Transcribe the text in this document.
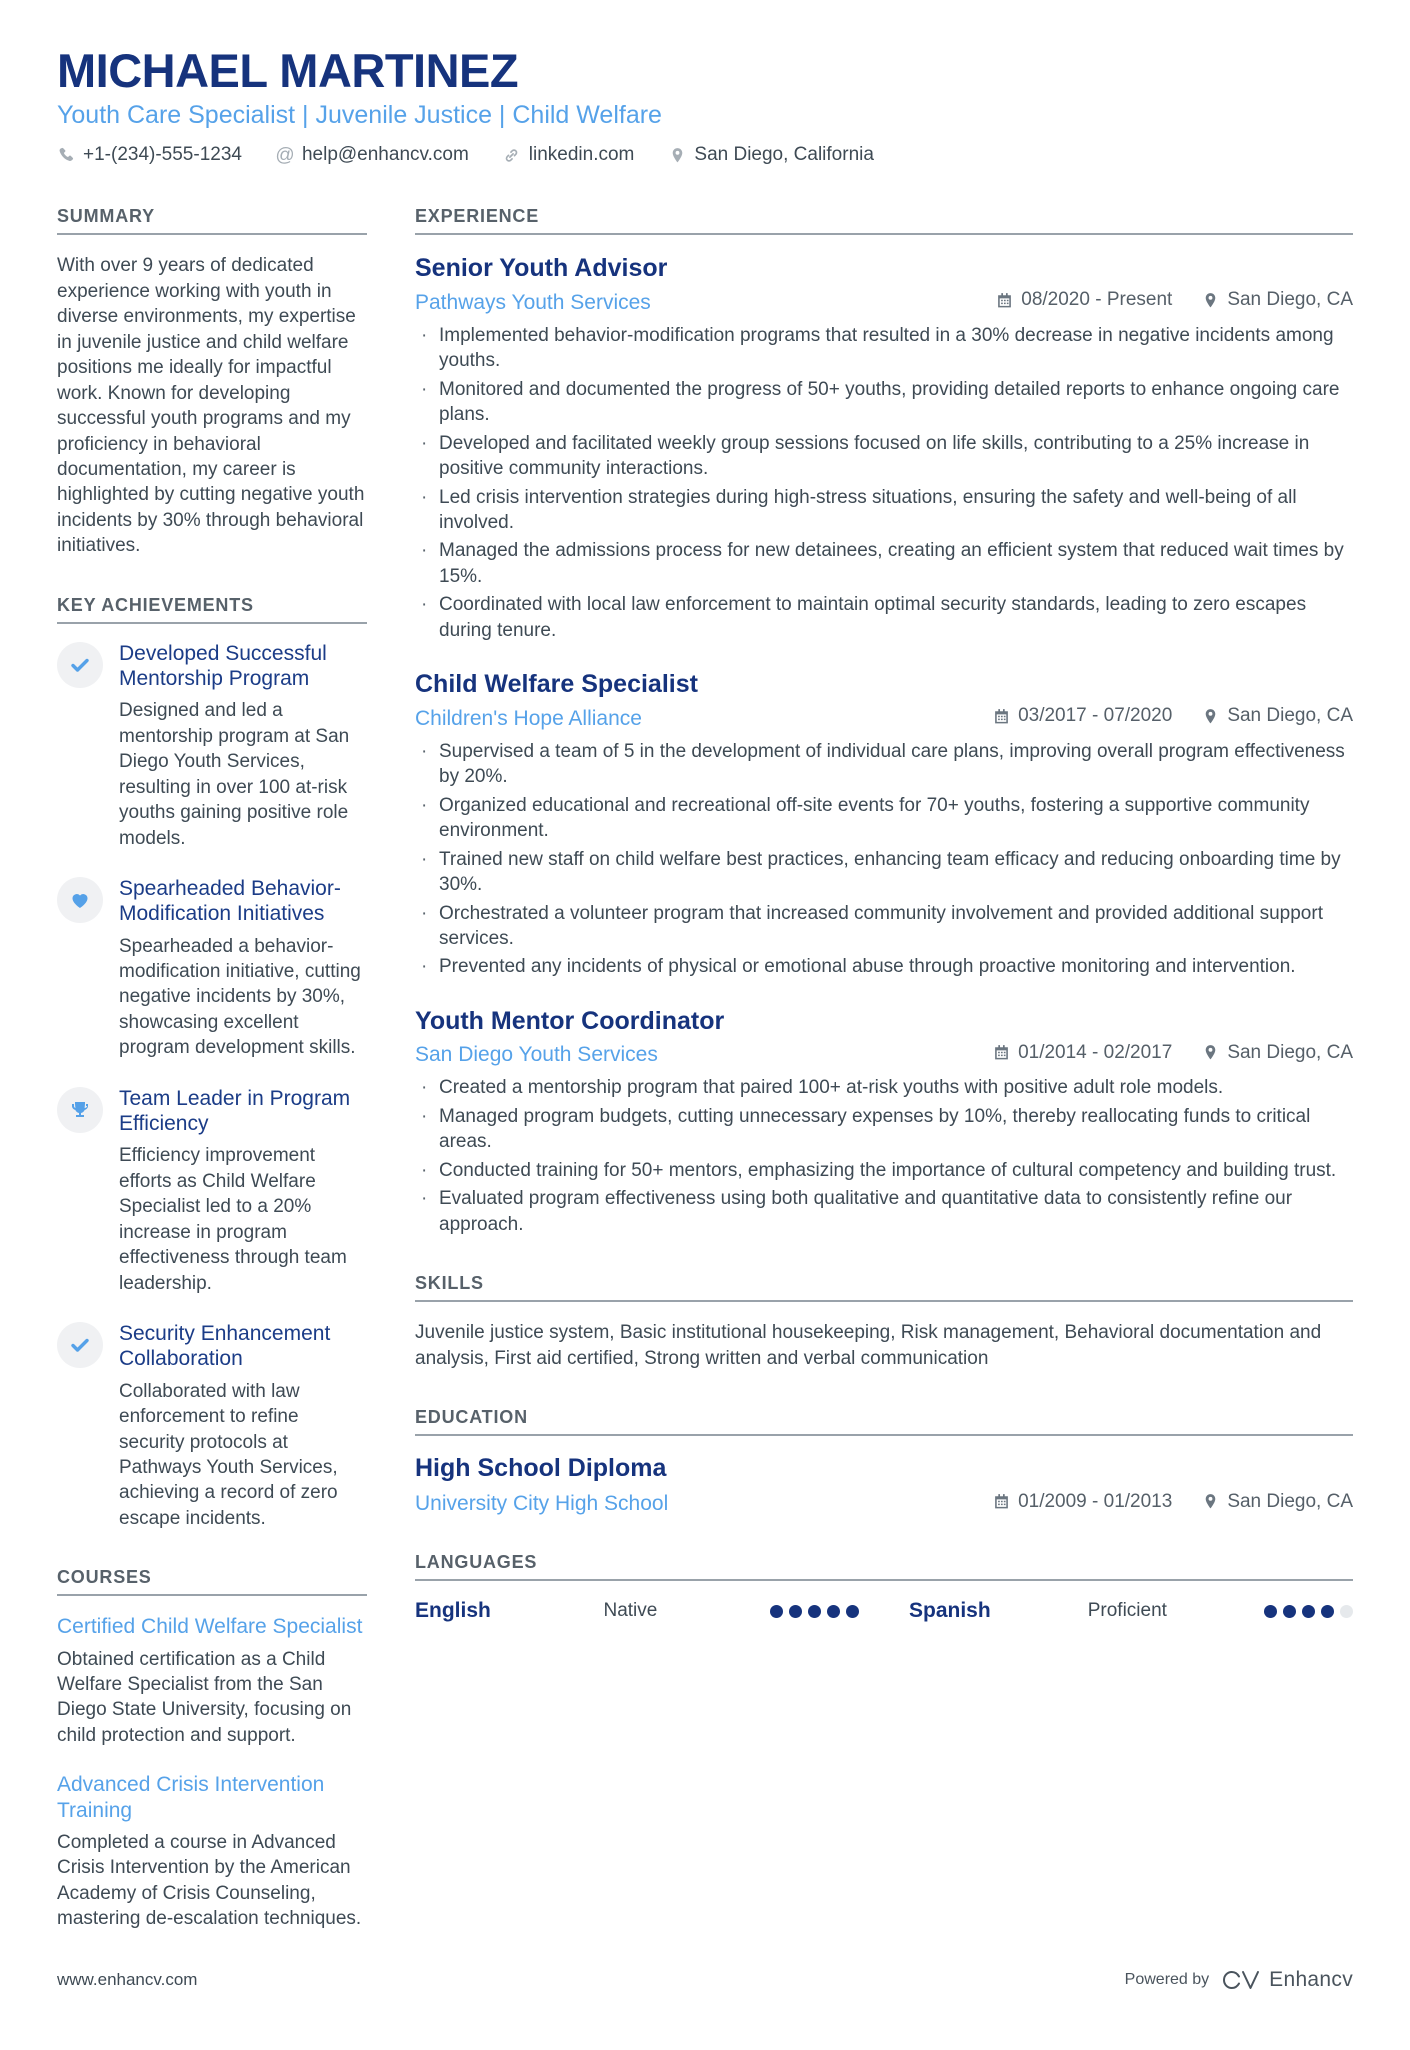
MICHAEL MARTINEZ
Youth Care Specialist | Juvenile Justice | Child Welfare
+1-(234)-555-1234 @ help@enhancv.com	linkedin.com	San Diego, California
SUMMARY

With over 9 years of dedicated experience working with youth in diverse environments, my expertise in juvenile justice and child welfare positions me ideally for impactful work. Known for developing successful youth programs and my proficiency in behavioral documentation, my career is highlighted by cutting negative youth incidents by 30% through behavioral initiatives.

KEY ACHIEVEMENTS
Developed Successful Mentorship Program
Designed and led a mentorship program at San Diego Youth Services, resulting in over 100 at-risk youths gaining positive role models.
Spearheaded Behavior-Modification Initiatives
Spearheaded a behavior-modification initiative, cutting negative incidents by 30%, showcasing excellent program development skills.
Team Leader in Program Efficiency
Efficiency improvement efforts as Child Welfare Specialist led to a 20% increase in program effectiveness through team leadership.
Security Enhancement Collaboration
Collaborated with law enforcement to refine security protocols at Pathways Youth Services, achieving a record of zero escape incidents.
COURSES
Certified Child Welfare Specialist
Obtained certification as a Child Welfare Specialist from the San Diego State University, focusing on child protection and support.
Advanced Crisis Intervention Training
Completed a course in Advanced Crisis Intervention by the American Academy of Crisis Counseling, mastering de-escalation techniques.
EXPERIENCE
Senior Youth Advisor
Pathways Youth Services	08/2020 - Present	San Diego, CA
· Implemented behavior-modification programs that resulted in a 30% decrease in negative incidents among youths.
· Monitored and documented the progress of 50+ youths, providing detailed reports to enhance ongoing care plans.
· Developed and facilitated weekly group sessions focused on life skills, contributing to a 25% increase in positive community interactions.
· Led crisis intervention strategies during high-stress situations, ensuring the safety and well-being of all involved.
· Managed the admissions process for new detainees, creating an efficient system that reduced wait times by 15%.
· Coordinated with local law enforcement to maintain optimal security standards, leading to zero escapes during tenure.
Child Welfare Specialist
Children's Hope Alliance	03/2017 - 07/2020	San Diego, CA
· Supervised a team of 5 in the development of individual care plans, improving overall program effectiveness by 20%.
· Organized educational and recreational off-site events for 70+ youths, fostering a supportive community environment.
· Trained new staff on child welfare best practices, enhancing team efficacy and reducing onboarding time by 30%.
· Orchestrated a volunteer program that increased community involvement and provided additional support services.
· Prevented any incidents of physical or emotional abuse through proactive monitoring and intervention.
Youth Mentor Coordinator
San Diego Youth Services	01/2014 - 02/2017	San Diego, CA
· Created a mentorship program that paired 100+ at-risk youths with positive adult role models.
· Managed program budgets, cutting unnecessary expenses by 10%, thereby reallocating funds to critical areas.
· Conducted training for 50+ mentors, emphasizing the importance of cultural competency and building trust.
· Evaluated program effectiveness using both qualitative and quantitative data to consistently refine our approach.
SKILLS

Juvenile justice system, Basic institutional housekeeping, Risk management, Behavioral documentation and analysis, First aid certified, Strong written and verbal communication

EDUCATION
High School Diploma
University City High School	01/2009 - 01/2013	San Diego, CA
LANGUAGES
English	Native	Spanish	Proficient
www.enhancv.com	Powered by	Enhancv
